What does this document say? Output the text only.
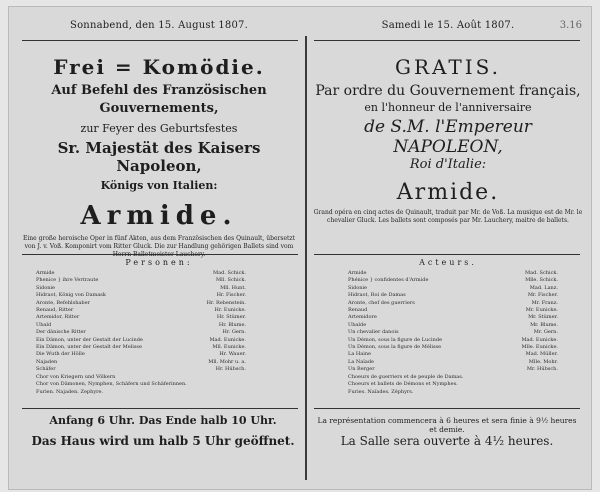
3.16
Sonnabend, den 15. August 1807.
Frei = Komödie.
Auf Befehl des Französischen Gouvernements,
zur Feyer des Geburtsfestes
Sr. Majestät des Kaisers Napoleon,
Königs von Italien:
Armide.
Eine große heroische Oper in fünf Akten, aus dem Französischen des Quinault, übersetzt von J. v. Voß. Komponirt vom Ritter Gluck. Die zur Handlung gehörigen Ballets sind vom Herrn Balletmeister Lauchery.
Samedi le 15. Août 1807.
GRATIS.
Par ordre du Gouvernement français,
en l'honneur de l'anniversaire
de S.M. l'Empereur NAPOLEON,
Roi d'Italie:
Armide.
Grand opéra en cinq actes de Quinault, traduit par Mr. de Voß. La musique est de Mr. le chevalier Gluck. Les ballets sont composés par Mr. Lauchery, maitre de ballets.
Personen:	Acteurs.
Armide	Mad. Schick.
Phenice } ihre Vertraute	Mll. Schick.
Sidonie	Mll. Hunt.
Hidraot, König von Damask	Hr. Fischer.
Aronte, Befehlshaber	Hr. Rebenstein.
Renaud, Ritter	Hr. Eunicke.
Artemidor, Ritter	Hr. Stümer.
Ubald	Hr. Blume.
Der dänische Ritter	Hr. Gern.
Ein Dämon, unter der Gestalt der Lucinde	Mad. Eunicke.
Ein Dämon, unter der Gestalt der Melisse	Mll. Eunicke.
Die Wuth der Hölle	Hr. Wauer.
Najaden	Mll. Mohr u. a.
Schäfer	Hr. Hübsch.
Chor von Kriegern und Völkern
Chor von Dämonen, Nymphen, Schäfern und Schäferinnen.
Furien. Najaden. Zephyre.
Armide	Mad. Schick.
Phénice } confidentes d'Armide	Mlle. Schick.
Sidonie	Mad. Lanz.
Hidraot, Roi de Damas	Mr. Fischer.
Aronte, chef des guerriers	Mr. Franz.
Renaud	Mr. Eunicke.
Artemidore	Mr. Stümer.
Ubalde	Mr. Blume.
Un chevalier danois	Mr. Gern.
Un Démon, sous la figure de Lucinde	Mad. Eunicke.
Un Démon, sous la figure de Mélisse	Mlle. Eunicke.
La Haine	Mad. Müller.
La Naïade	Mlle. Mohr.
Un Berger	Mr. Hübsch.
Choeurs de guerriers et de peuple de Damas.
Choeurs et ballets de Démons et Nymphes.
Furies. Naïades. Zéphyrs.
Anfang 6 Uhr. Das Ende halb 10 Uhr.
Das Haus wird um halb 5 Uhr geöffnet.
La représentation commencera à 6 heures et sera finie à 9½ heures et demie.
La Salle sera ouverte à 4½ heures.
